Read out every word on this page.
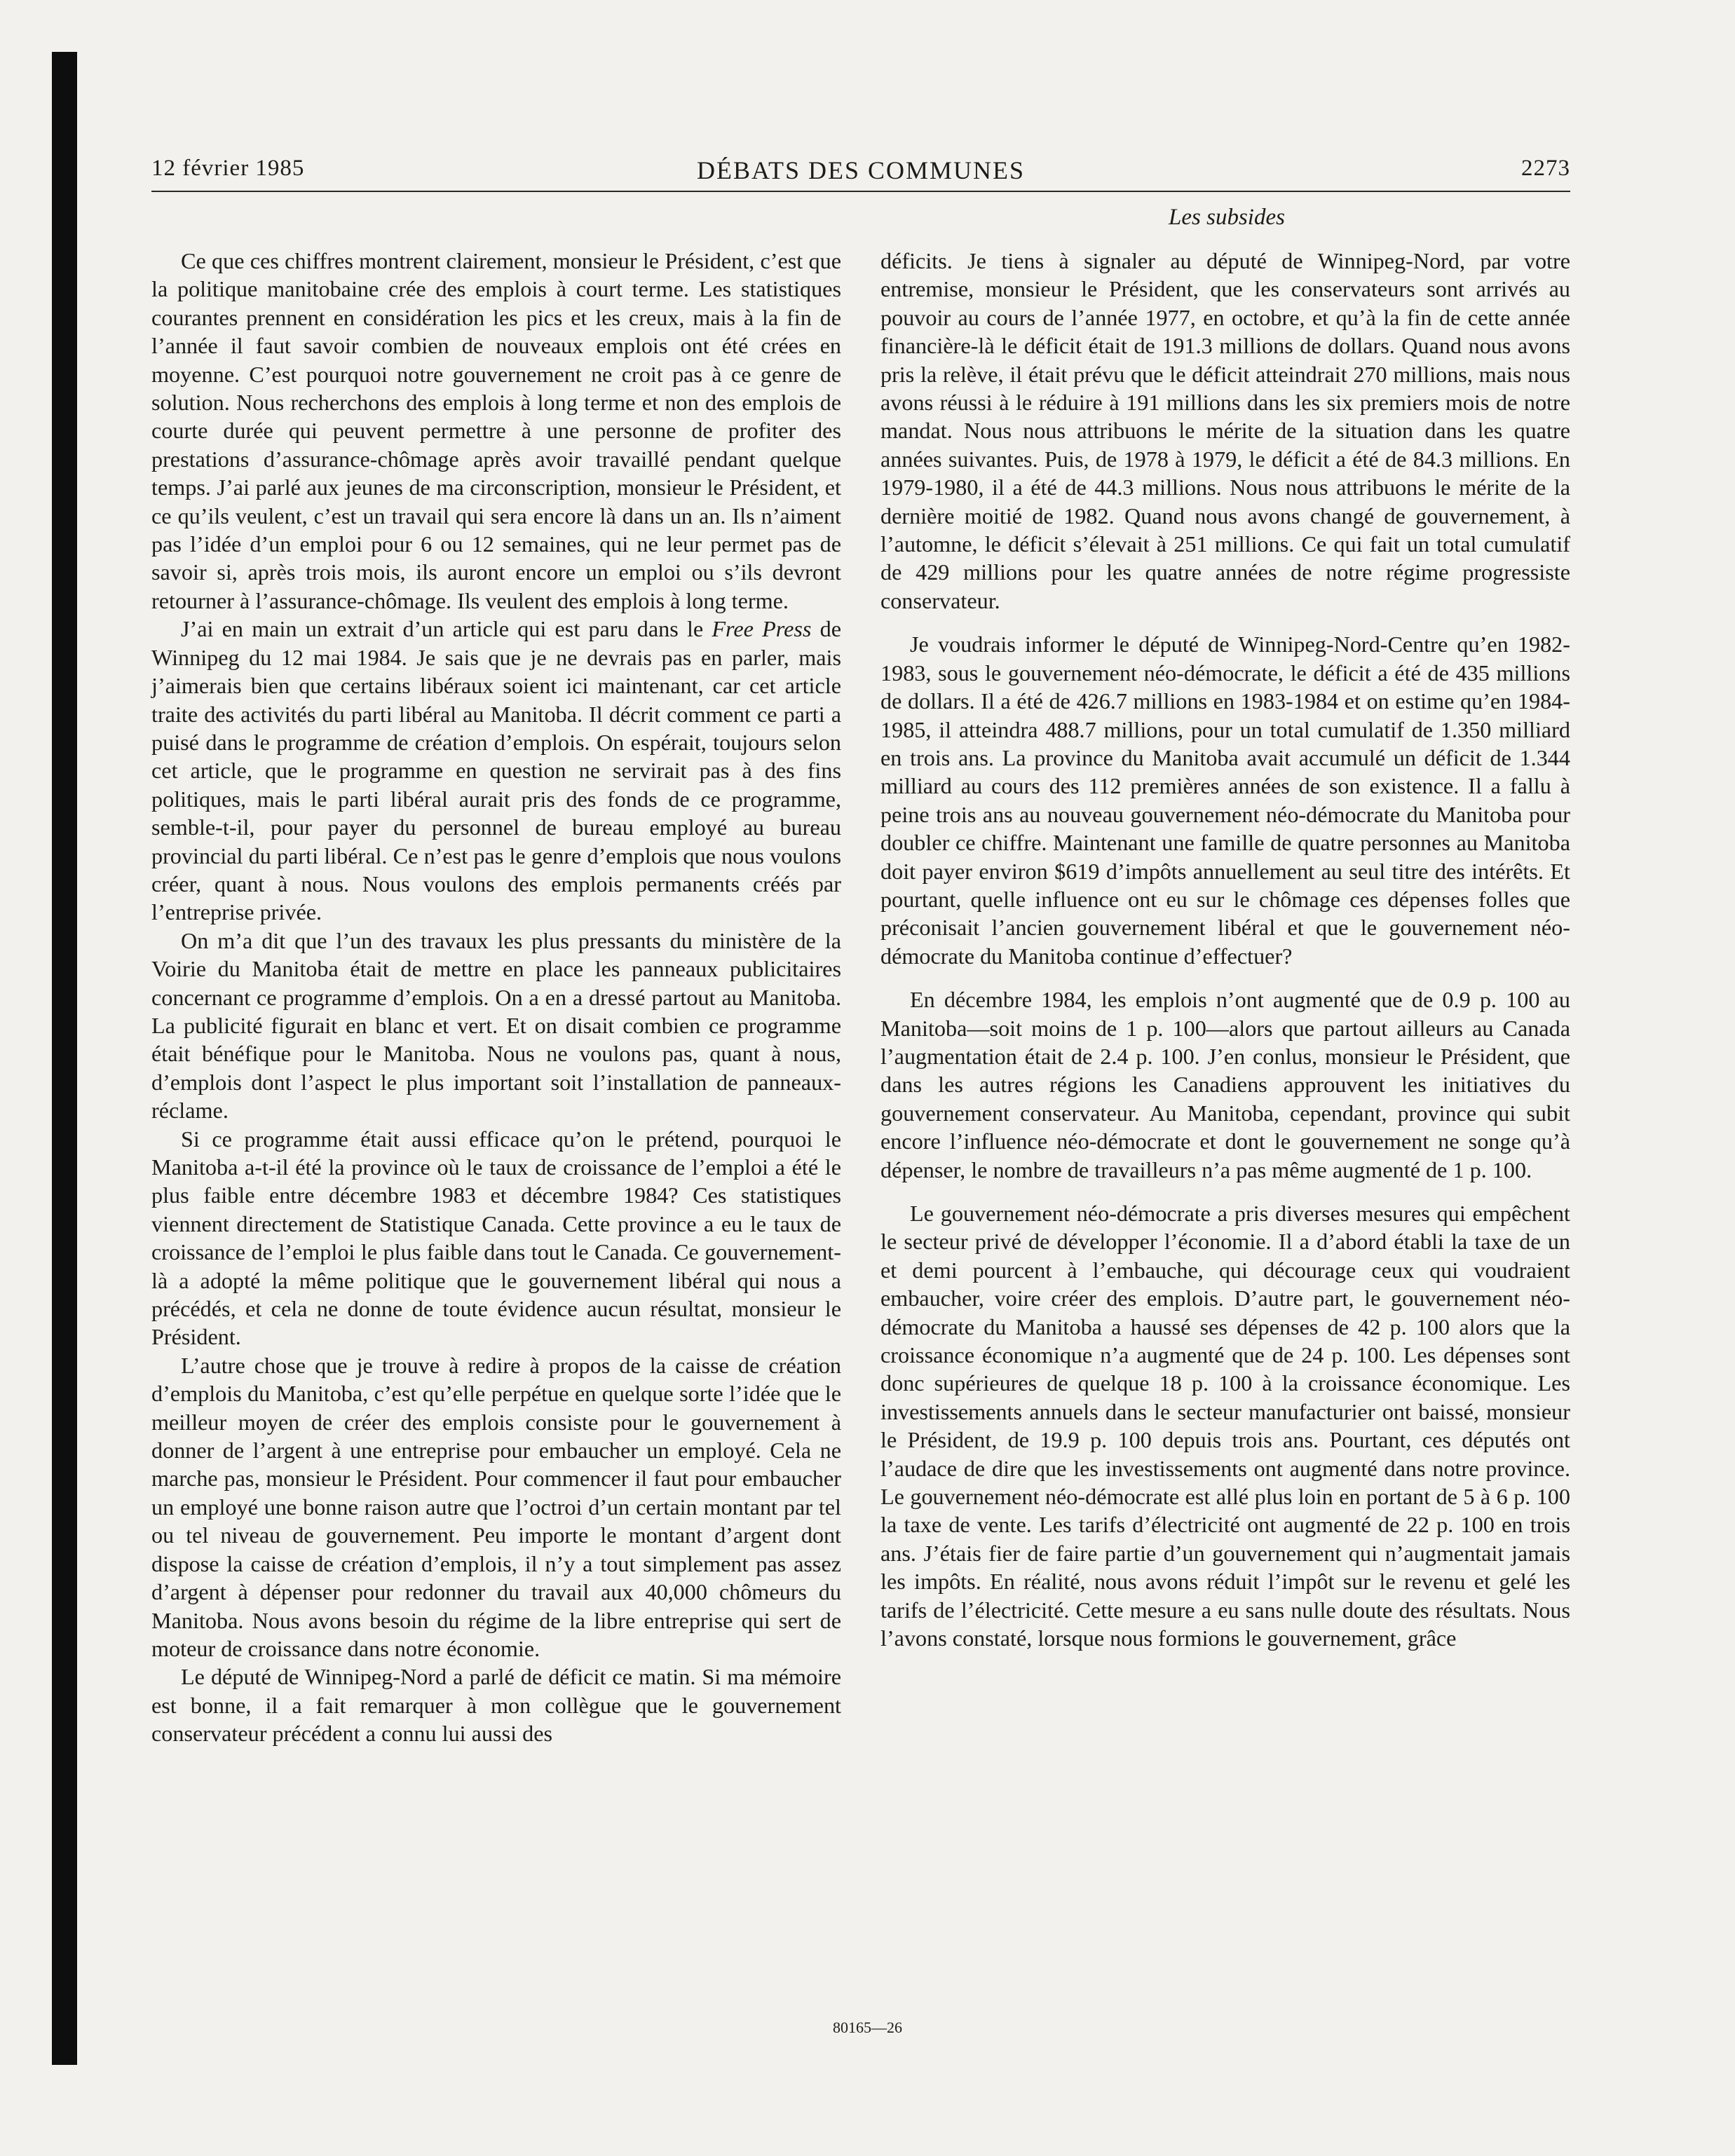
12 février 1985	DÉBATS DES COMMUNES	2273
Les subsides

Ce que ces chiffres montrent clairement, monsieur le Président, c’est que la politique manitobaine crée des emplois à court terme. Les statistiques courantes prennent en considération les pics et les creux, mais à la fin de l’année il faut savoir combien de nouveaux emplois ont été crées en moyenne. C’est pourquoi notre gouvernement ne croit pas à ce genre de solution. Nous recherchons des emplois à long terme et non des emplois de courte durée qui peuvent permettre à une personne de profiter des prestations d’assurance-chômage après avoir travaillé pendant quelque temps. J’ai parlé aux jeunes de ma circonscription, monsieur le Président, et ce qu’ils veulent, c’est un travail qui sera encore là dans un an. Ils n’aiment pas l’idée d’un emploi pour 6 ou 12 semaines, qui ne leur permet pas de savoir si, après trois mois, ils auront encore un emploi ou s’ils devront retourner à l’assurance-chômage. Ils veulent des emplois à long terme.

J’ai en main un extrait d’un article qui est paru dans le Free Press de Winnipeg du 12 mai 1984. Je sais que je ne devrais pas en parler, mais j’aimerais bien que certains libéraux soient ici maintenant, car cet article traite des activités du parti libéral au Manitoba. Il décrit comment ce parti a puisé dans le programme de création d’emplois. On espérait, toujours selon cet article, que le programme en question ne servirait pas à des fins politiques, mais le parti libéral aurait pris des fonds de ce programme, semble-t-il, pour payer du personnel de bureau employé au bureau provincial du parti libéral. Ce n’est pas le genre d’emplois que nous voulons créer, quant à nous. Nous voulons des emplois permanents créés par l’entreprise privée.

On m’a dit que l’un des travaux les plus pressants du ministère de la Voirie du Manitoba était de mettre en place les panneaux publicitaires concernant ce programme d’emplois. On a en a dressé partout au Manitoba. La publicité figurait en blanc et vert. Et on disait combien ce programme était bénéfique pour le Manitoba. Nous ne voulons pas, quant à nous, d’emplois dont l’aspect le plus important soit l’installation de panneaux-réclame.

Si ce programme était aussi efficace qu’on le prétend, pourquoi le Manitoba a-t-il été la province où le taux de croissance de l’emploi a été le plus faible entre décembre 1983 et décembre 1984? Ces statistiques viennent directement de Statistique Canada. Cette province a eu le taux de croissance de l’emploi le plus faible dans tout le Canada. Ce gouvernement-là a adopté la même politique que le gouvernement libéral qui nous a précédés, et cela ne donne de toute évidence aucun résultat, monsieur le Président.

L’autre chose que je trouve à redire à propos de la caisse de création d’emplois du Manitoba, c’est qu’elle perpétue en quelque sorte l’idée que le meilleur moyen de créer des emplois consiste pour le gouvernement à donner de l’argent à une entreprise pour embaucher un employé. Cela ne marche pas, monsieur le Président. Pour commencer il faut pour embaucher un employé une bonne raison autre que l’octroi d’un certain montant par tel ou tel niveau de gouvernement. Peu importe le montant d’argent dont dispose la caisse de création d’emplois, il n’y a tout simplement pas assez d’argent à dépenser pour redonner du travail aux 40,000 chômeurs du Manitoba. Nous avons besoin du régime de la libre entreprise qui sert de moteur de croissance dans notre économie.

Le député de Winnipeg-Nord a parlé de déficit ce matin. Si ma mémoire est bonne, il a fait remarquer à mon collègue que le gouvernement conservateur précédent a connu lui aussi des

déficits. Je tiens à signaler au député de Winnipeg-Nord, par votre entremise, monsieur le Président, que les conservateurs sont arrivés au pouvoir au cours de l’année 1977, en octobre, et qu’à la fin de cette année financière-là le déficit était de 191.3 millions de dollars. Quand nous avons pris la relève, il était prévu que le déficit atteindrait 270 millions, mais nous avons réussi à le réduire à 191 millions dans les six premiers mois de notre mandat. Nous nous attribuons le mérite de la situation dans les quatre années suivantes. Puis, de 1978 à 1979, le déficit a été de 84.3 millions. En 1979-1980, il a été de 44.3 millions. Nous nous attribuons le mérite de la dernière moitié de 1982. Quand nous avons changé de gouvernement, à l’automne, le déficit s’élevait à 251 millions. Ce qui fait un total cumulatif de 429 millions pour les quatre années de notre régime progressiste conservateur.

Je voudrais informer le député de Winnipeg-Nord-Centre qu’en 1982-1983, sous le gouvernement néo-démocrate, le déficit a été de 435 millions de dollars. Il a été de 426.7 millions en 1983-1984 et on estime qu’en 1984-1985, il atteindra 488.7 millions, pour un total cumulatif de 1.350 milliard en trois ans. La province du Manitoba avait accumulé un déficit de 1.344 milliard au cours des 112 premières années de son existence. Il a fallu à peine trois ans au nouveau gouvernement néo-démocrate du Manitoba pour doubler ce chiffre. Maintenant une famille de quatre personnes au Manitoba doit payer environ $619 d’impôts annuellement au seul titre des intérêts. Et pourtant, quelle influence ont eu sur le chômage ces dépenses folles que préconisait l’ancien gouvernement libéral et que le gouvernement néo-démocrate du Manitoba continue d’effectuer?

En décembre 1984, les emplois n’ont augmenté que de 0.9 p. 100 au Manitoba—soit moins de 1 p. 100—alors que partout ailleurs au Canada l’augmentation était de 2.4 p. 100. J’en conlus, monsieur le Président, que dans les autres régions les Canadiens approuvent les initiatives du gouvernement conservateur. Au Manitoba, cependant, province qui subit encore l’influence néo-démocrate et dont le gouvernement ne songe qu’à dépenser, le nombre de travailleurs n’a pas même augmenté de 1 p. 100.

Le gouvernement néo-démocrate a pris diverses mesures qui empêchent le secteur privé de développer l’économie. Il a d’abord établi la taxe de un et demi pourcent à l’embauche, qui décourage ceux qui voudraient embaucher, voire créer des emplois. D’autre part, le gouvernement néo-démocrate du Manitoba a haussé ses dépenses de 42 p. 100 alors que la croissance économique n’a augmenté que de 24 p. 100. Les dépenses sont donc supérieures de quelque 18 p. 100 à la croissance économique. Les investissements annuels dans le secteur manufacturier ont baissé, monsieur le Président, de 19.9 p. 100 depuis trois ans. Pourtant, ces députés ont l’audace de dire que les investissements ont augmenté dans notre province. Le gouvernement néo-démocrate est allé plus loin en portant de 5 à 6 p. 100 la taxe de vente. Les tarifs d’électricité ont augmenté de 22 p. 100 en trois ans. J’étais fier de faire partie d’un gouvernement qui n’augmentait jamais les impôts. En réalité, nous avons réduit l’impôt sur le revenu et gelé les tarifs de l’électricité. Cette mesure a eu sans nulle doute des résultats. Nous l’avons constaté, lorsque nous formions le gouvernement, grâce

80165—26
